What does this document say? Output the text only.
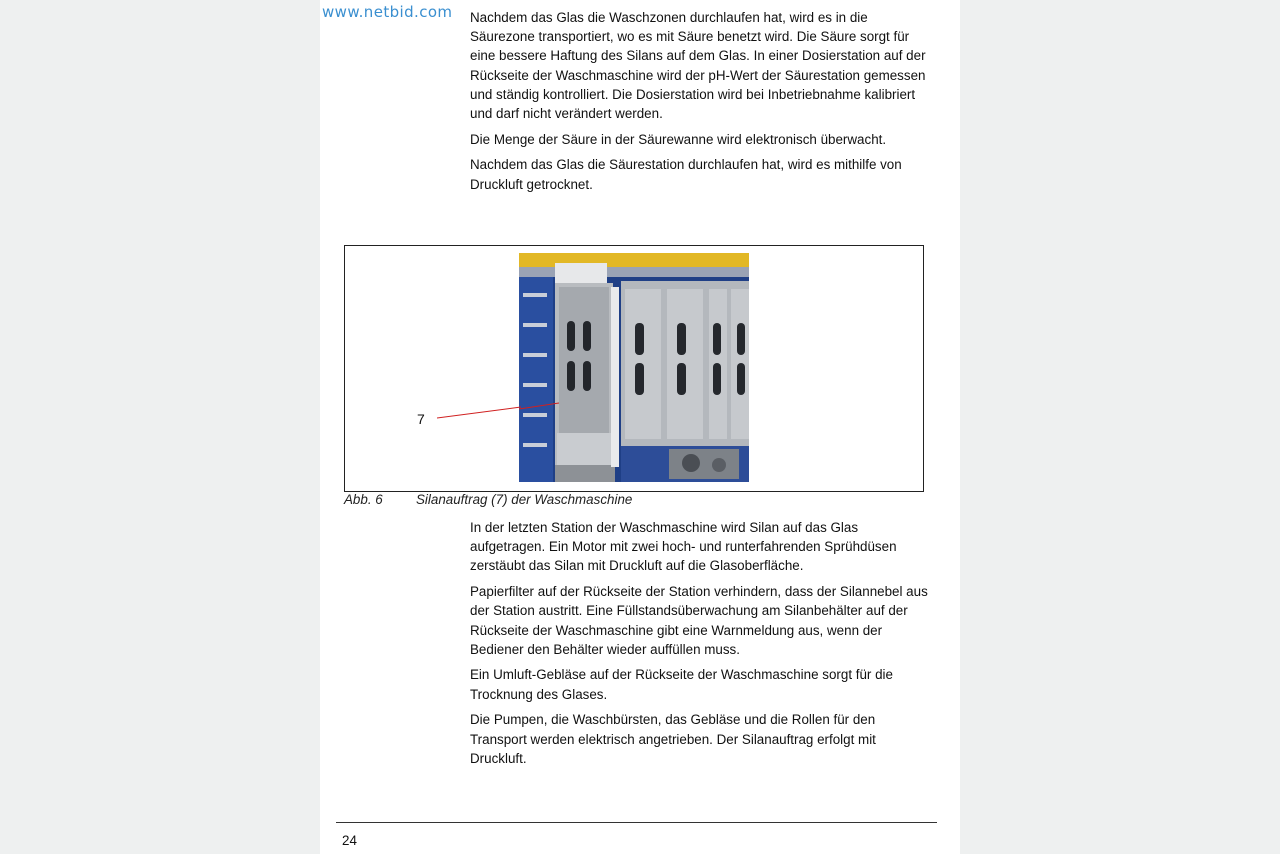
www.netbid.com Nachdem das Glas die Waschzonen durchlaufen hat, wird es in die Säurezone transportiert, wo es mit Säure benetzt wird. Die Säure sorgt für eine bessere Haftung des Silans auf dem Glas. In einer Dosierstation auf der Rückseite der Waschmaschine wird der pH-Wert der Säurestation gemessen und ständig kontrolliert. Die Dosierstation wird bei Inbetriebnahme kalibriert und darf nicht verändert werden.

Die Menge der Säure in der Säurewanne wird elektronisch überwacht.

Nachdem das Glas die Säurestation durchlaufen hat, wird es mithilfe von Druckluft getrocknet.

7
Abb. 6 Silanauftrag (7) der Waschmaschine

In der letzten Station der Waschmaschine wird Silan auf das Glas aufgetragen. Ein Motor mit zwei hoch- und runterfahrenden Sprühdüsen zerstäubt das Silan mit Druckluft auf die Glasoberfläche.

Papierfilter auf der Rückseite der Station verhindern, dass der Silannebel aus der Station austritt. Eine Füllstandsüberwachung am Silanbehälter auf der Rückseite der Waschmaschine gibt eine Warnmeldung aus, wenn der Bediener den Behälter wieder auffüllen muss.

Ein Umluft-Gebläse auf der Rückseite der Waschmaschine sorgt für die Trocknung des Glases.

Die Pumpen, die Waschbürsten, das Gebläse und die Rollen für den Transport werden elektrisch angetrieben. Der Silanauftrag erfolgt mit Druckluft.

24
